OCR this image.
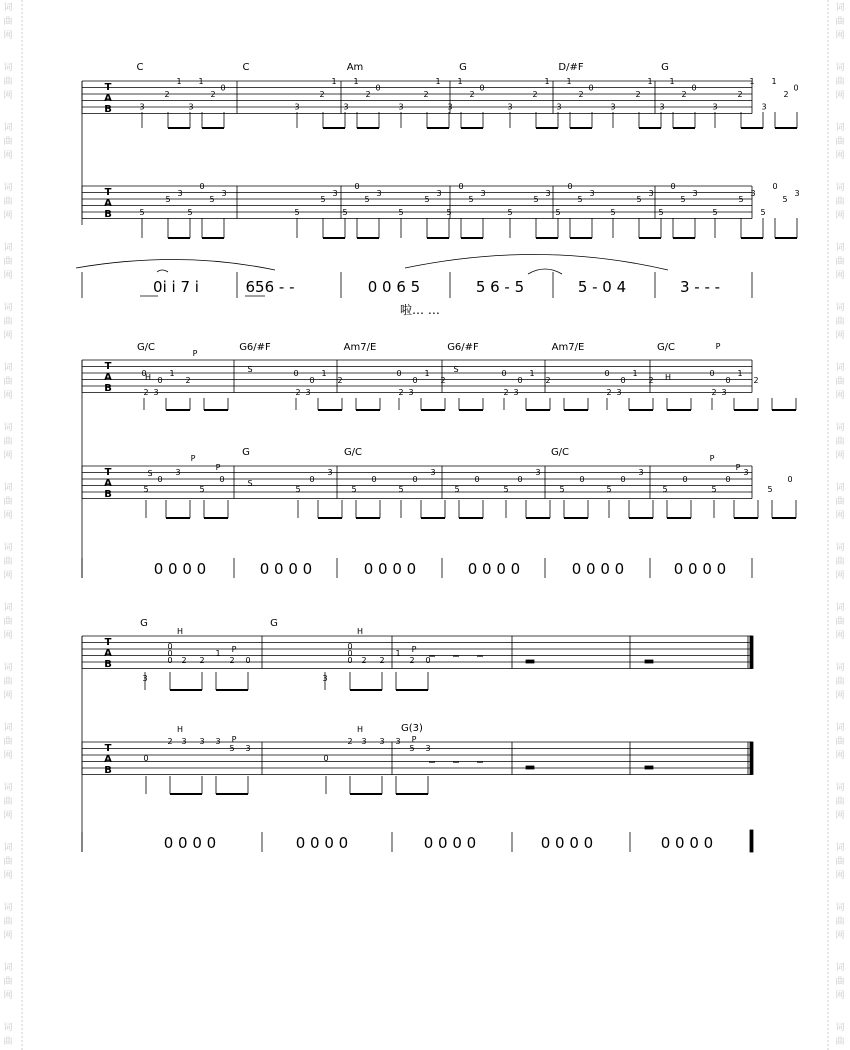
词
曲
网
词
曲
网
词
曲
网
词
曲
网
词
曲
网
词
曲
网
词
曲
网
词
曲
网
词
曲
网
词
曲
网
词
曲
网
词
曲
网
词
曲
网
词
曲
网
词
曲
网
词
曲
网
词
曲
网
词
曲
词
曲
网
词
曲
网
词
曲
网
词
曲
网
词
曲
网
词
曲
网
词
曲
网
词
曲
网
词
曲
网
词
曲
网
词
曲
网
词
曲
网
词
曲
网
词
曲
网
词
曲
网
词
曲
网
词
曲
网
词
曲
3
2
1
3
1
2
0
3
2
1
3
1
2
0
3
2
1
3
1
2
0
3
2
1
3
1
2
0
3
2
1
3
1
2
0
3
2
1
3
1
2
0
5
5
3
5
0
5
3
5
5
3
5
0
5
3
5
5
3
5
0
5
3
5
5
3
5
0
5
3
5
5
3
5
0
5
3
5
5
3
5
0
5
3
0
0
1
2
2 3
5
0
3
5
0
0
0
1
2
2 3
5
0
3
5
0
0
0
1
2
2 3
5
0
3
5
0
0
0
1
2
2 3
5
0
3
5
0
0
0
1
2
2 3
5
0
3
5
0
0
0
1
2
2 3
5
0
3
5
0
P
H
P
S	S
H
S
P
P
S
P
P
3
0
0
0 2 2
1
2 0
0
2 3 3 3
5 3
H
H
P
P
3
0
0
0 2 2
1
2 0
0
2 3 3 3
5 3
H
H
P
P
C	C	Am	G	D/#F	G
0i i 7 i	656 - -	0 0 6 5	5 6 - 5	5 - 0 4	3 - - -
啦… …
G/C	G6/#F	Am7/E	G6/#F	Am7/E	G/C
G	G/C	G/C
0 0 0 0	0 0 0 0	0 0 0 0	0 0 0 0	0 0 0 0	0 0 0 0
G	G
G(3)
0 0 0 0	0 0 0 0	0 0 0 0	0 0 0 0	0 0 0 0
T
A
B
T
A
B
T
A
B
T
A
B
T
A
B
T
A
B
